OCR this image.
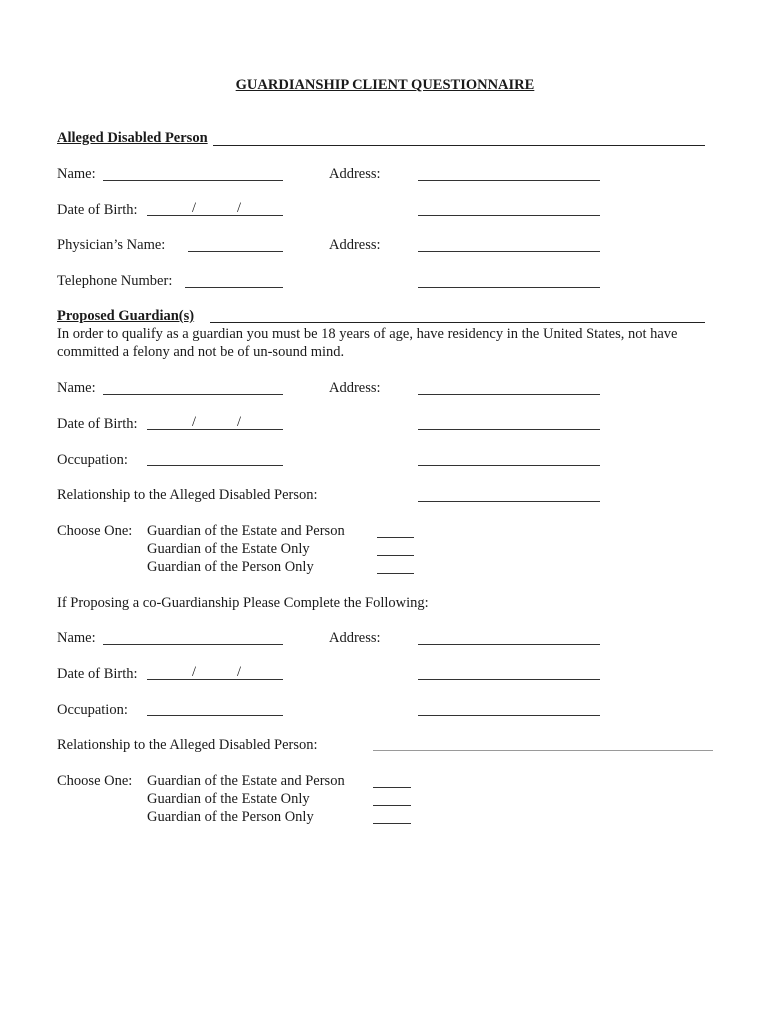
GUARDIANSHIP CLIENT QUESTIONNAIRE
Alleged Disabled Person
Name:	Address:
Date of Birth:	/	/
Physician’s Name:	Address:
Telephone Number:
Proposed Guardian(s)
In order to qualify as a guardian you must be 18 years of age, have residency in the United States, not have committed a felony and not be of un-sound mind.
Name:	Address:
Date of Birth:	/	/
Occupation:
Relationship to the Alleged Disabled Person:
Choose One: Guardian of the Estate and Person
Guardian of the Estate Only
Guardian of the Person Only
If Proposing a co-Guardianship Please Complete the Following:
Name:	Address:
Date of Birth:	/	/
Occupation:
Relationship to the Alleged Disabled Person:
Choose One: Guardian of the Estate and Person
Guardian of the Estate Only
Guardian of the Person Only
